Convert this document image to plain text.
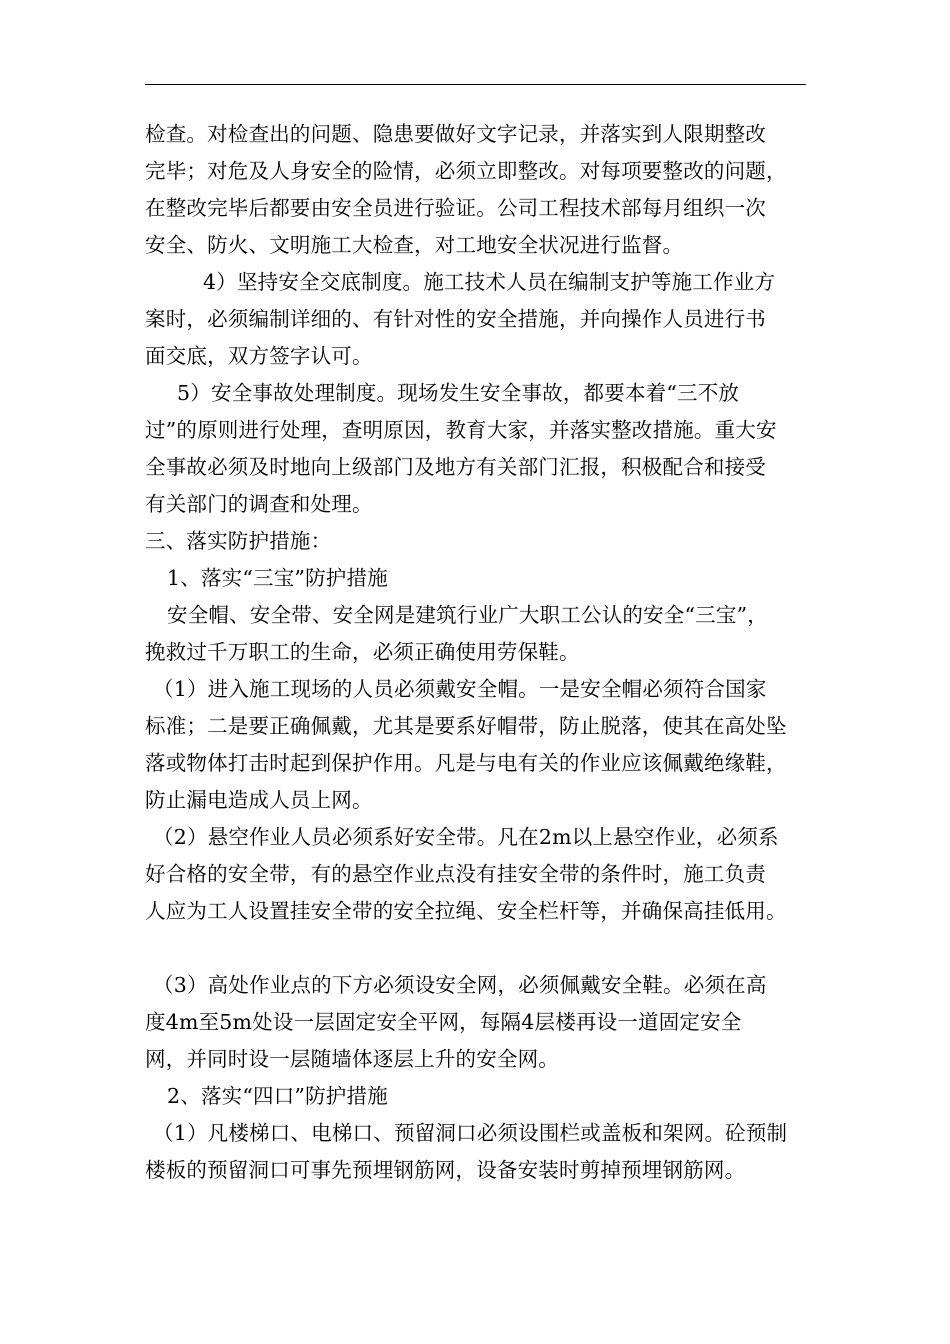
检查。对检查出的问题、隐患要做好文字记录，并落实到人限期整改
完毕；对危及人身安全的险情，必须立即整改。对每项要整改的问题，
在整改完毕后都要由安全员进行验证。公司工程技术部每月组织一次
安全、防火、文明施工大检查，对工地安全状况进行监督。
4）坚持安全交底制度。施工技术人员在编制支护等施工作业方
案时，必须编制详细的、有针对性的安全措施，并向操作人员进行书
面交底，双方签字认可。
5）安全事故处理制度。现场发生安全事故，都要本着“三不放
过”的原则进行处理，查明原因，教育大家，并落实整改措施。重大安
全事故必须及时地向上级部门及地方有关部门汇报，积极配合和接受
有关部门的调查和处理。
三、落实防护措施：
1、落实“三宝”防护措施
安全帽、安全带、安全网是建筑行业广大职工公认的安全“三宝”，
挽救过千万职工的生命，必须正确使用劳保鞋。
（1）进入施工现场的人员必须戴安全帽。一是安全帽必须符合国家
标准；二是要正确佩戴，尤其是要系好帽带，防止脱落，使其在高处坠
落或物体打击时起到保护作用。凡是与电有关的作业应该佩戴绝缘鞋，
防止漏电造成人员上网。
（2）悬空作业人员必须系好安全带。凡在2m以上悬空作业，必须系
好合格的安全带，有的悬空作业点没有挂安全带的条件时，施工负责
人应为工人设置挂安全带的安全拉绳、安全栏杆等，并确保高挂低用。
（3）高处作业点的下方必须设安全网，必须佩戴安全鞋。必须在高
度4m至5m处设一层固定安全平网，每隔4层楼再设一道固定安全
网，并同时设一层随墙体逐层上升的安全网。
2、落实“四口”防护措施
（1）凡楼梯口、电梯口、预留洞口必须设围栏或盖板和架网。砼预制
楼板的预留洞口可事先预埋钢筋网，设备安装时剪掉预埋钢筋网。
